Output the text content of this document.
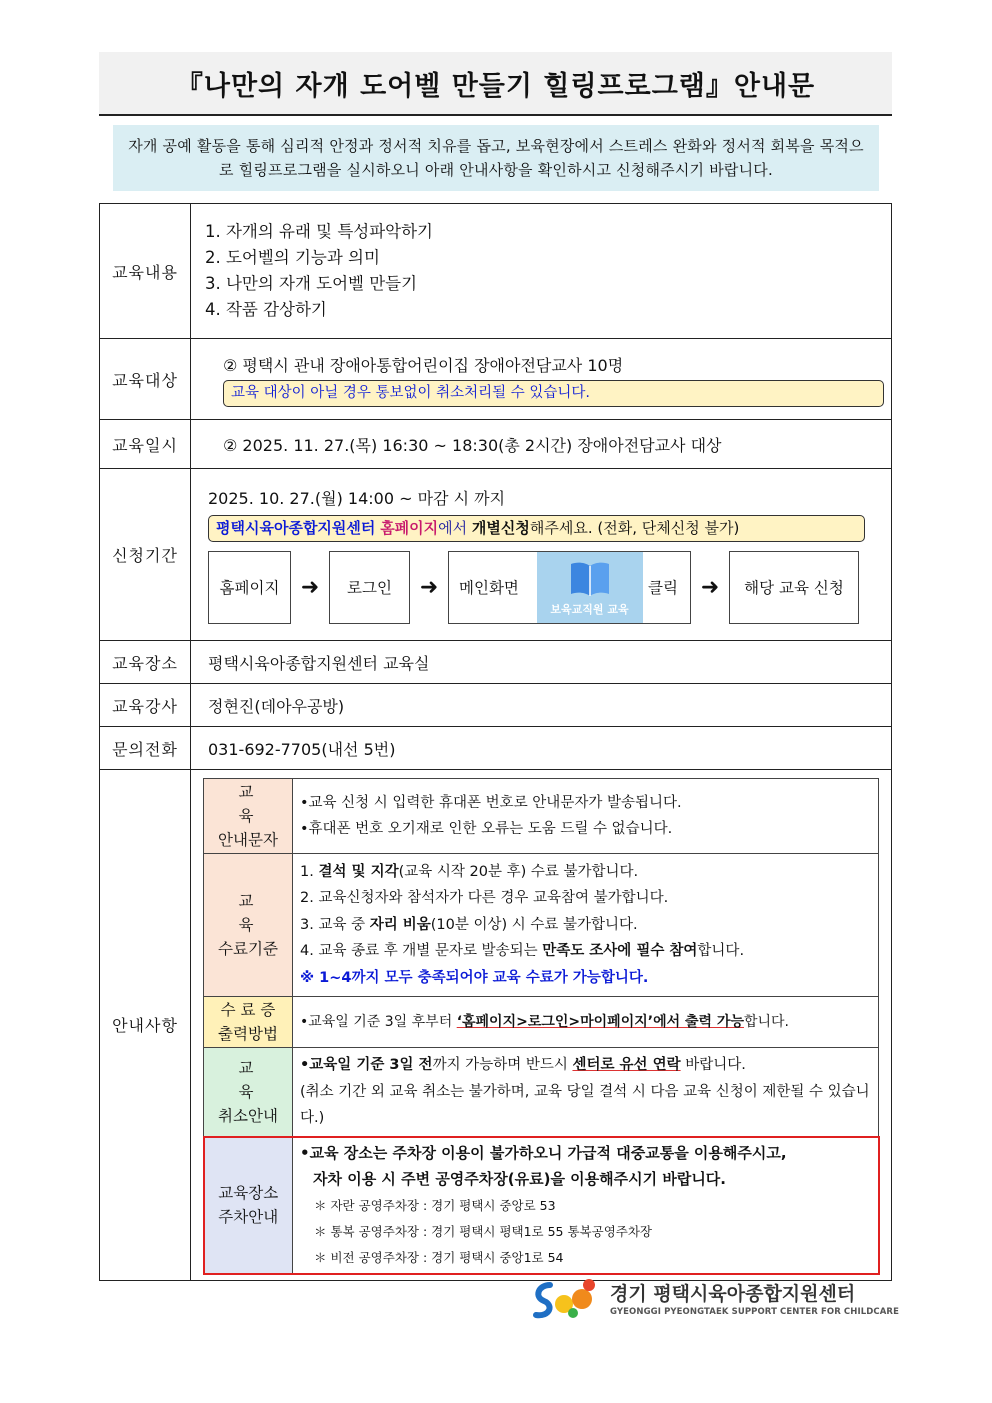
『나만의 자개 도어벨 만들기 힐링프로그램』안내문
자개 공예 활동을 통해 심리적 안정과 정서적 치유를 돕고, 보육현장에서 스트레스 완화와 정서적 회복을 목적으로 힐링프로그램을 실시하오니 아래 안내사항을 확인하시고 신청해주시기 바랍니다.
교육내용	
1. 자개의 유래 및 특성파악하기
2. 도어벨의 기능과 의미
3. 나만의 자개 도어벨 만들기
4. 작품 감상하기

교육대상	
② 평택시 관내 장애아통합어린이집 장애아전담교사 10명
교육 대상이 아닐 경우 통보없이 취소처리될 수 있습니다.

교육일시	② 2025. 11. 27.(목) 16:30 ~ 18:30(총 2시간) 장애아전담교사 대상

신청기간	
2025. 10. 27.(월) 14:00 ~ 마감 시 까지
평택시육아종합지원센터 홈페이지에서 개별신청해주세요. (전화, 단체신청 불가)
홈페이지 ➜	로그인	➜	메인화면
보육교직원 교육
클릭	➜	해당 교육 신청

교육장소	평택시육아종합지원센터 교육실
교육강사	정현진(데아우공방)
문의전화	031-692-7705(내선 5번)
안내사항	
교 육
안내문자

•교육 신청 시 입력한 휴대폰 번호로 안내문자가 발송됩니다.
•휴대폰 번호 오기재로 인한 오류는 도움 드릴 수 없습니다.

교 육
수료기준

1. 결석 및 지각(교육 시작 20분 후) 수료 불가합니다.
2. 교육신청자와 참석자가 다른 경우 교육참여 불가합니다.
3. 교육 중 자리 비움(10분 이상) 시 수료 불가합니다.
4. 교육 종료 후 개별 문자로 발송되는 만족도 조사에 필수 참여합니다.
※ 1~4까지 모두 충족되어야 교육 수료가 가능합니다.

수 료 증
출력방법
	•교육일 기준 3일 후부터 ‘홈페이지>로그인>마이페이지’에서 출력 가능합니다.

교 육
취소안내

•교육일 기준 3일 전까지 가능하며 반드시 센터로 유선 연락 바랍니다.
(취소 기간 외 교육 취소는 불가하며, 교육 당일 결석 시 다음 교육 신청이 제한될 수 있습니다.)

교육장소
주차안내

•교육 장소는 주차장 이용이 불가하오니 가급적 대중교통을 이용해주시고,
자차 이용 시 주변 공영주차장(유료)을 이용해주시기 바랍니다.
＊ 자란 공영주차장 : 경기 평택시 중앙로 53
＊ 통복 공영주차장 : 경기 평택시 평택1로 55 통복공영주차장
＊ 비전 공영주차장 : 경기 평택시 중앙1로 54
경기 평택시육아종합지원센터
GYEONGGI PYEONGTAEK SUPPORT CENTER FOR CHILDCARE
